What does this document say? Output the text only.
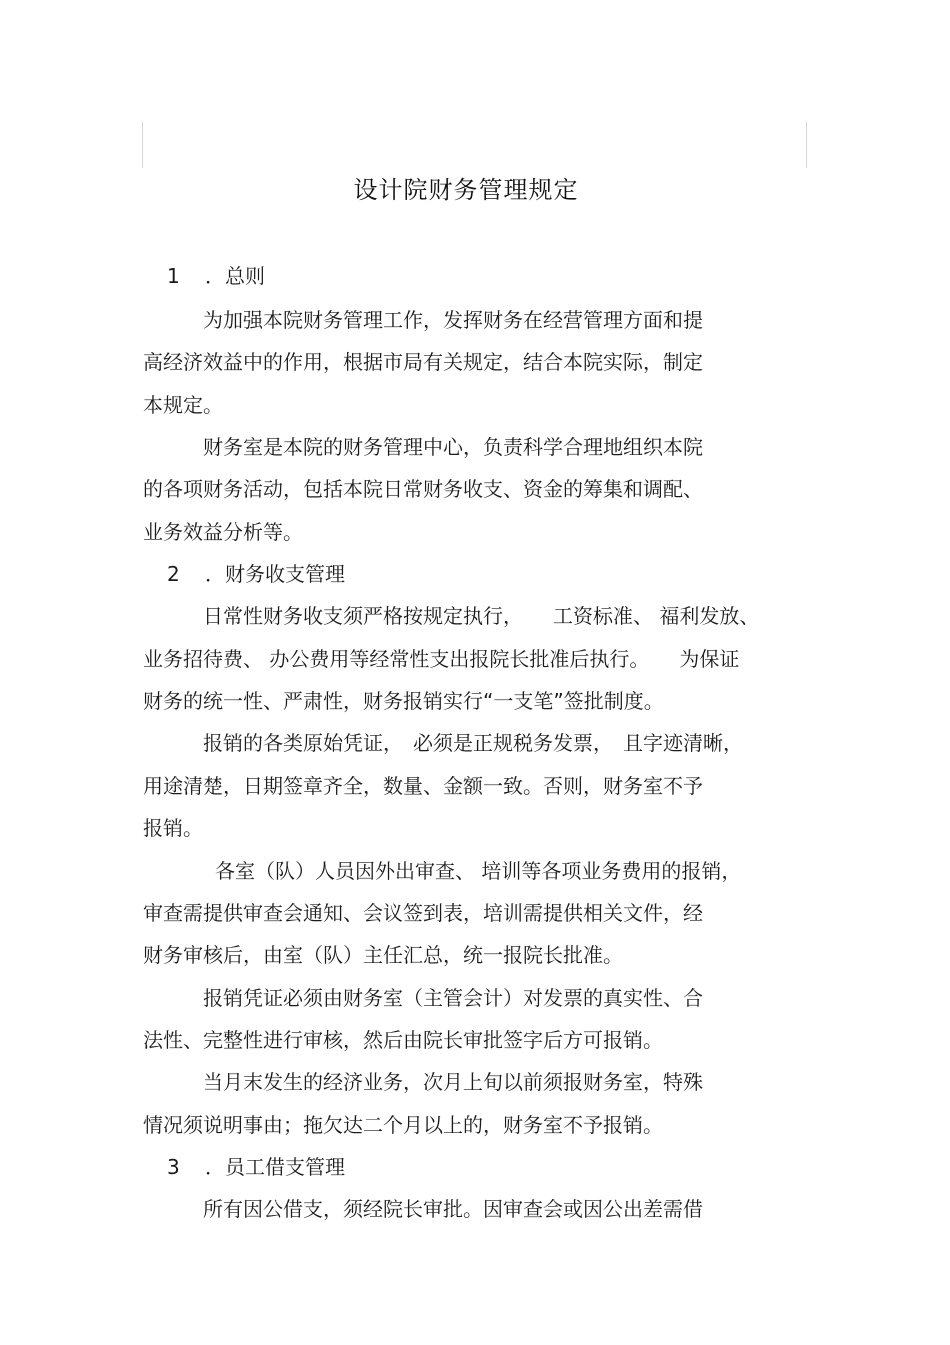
设计院财务管理规定
1 ．总则
为加强本院财务管理工作，发挥财务在经营管理方面和提
高经济效益中的作用，根据市局有关规定，结合本院实际，制定
本规定。
财务室是本院的财务管理中心，负责科学合理地组织本院
的各项财务活动，包括本院日常财务收支、资金的筹集和调配、
业务效益分析等。
2 ．财务收支管理
日常性财务收支须严格按规定执行，　　工资标准、 福利发放、
业务招待费、 办公费用等经常性支出报院长批准后执行。　　为保证
财务的统一性、严肃性，财务报销实行“一支笔”签批制度。
报销的各类原始凭证，　必须是正规税务发票，　且字迹清晰，
用途清楚，日期签章齐全，数量、金额一致。否则，财务室不予
报销。
各室（队）人员因外出审查、 培训等各项业务费用的报销，
审查需提供审查会通知、会议签到表，培训需提供相关文件，经
财务审核后，由室（队）主任汇总，统一报院长批准。
报销凭证必须由财务室（主管会计）对发票的真实性、合
法性、完整性进行审核，然后由院长审批签字后方可报销。
当月末发生的经济业务，次月上旬以前须报财务室，特殊
情况须说明事由；拖欠达二个月以上的，财务室不予报销。
3 ．员工借支管理
所有因公借支，须经院长审批。因审查会或因公出差需借
